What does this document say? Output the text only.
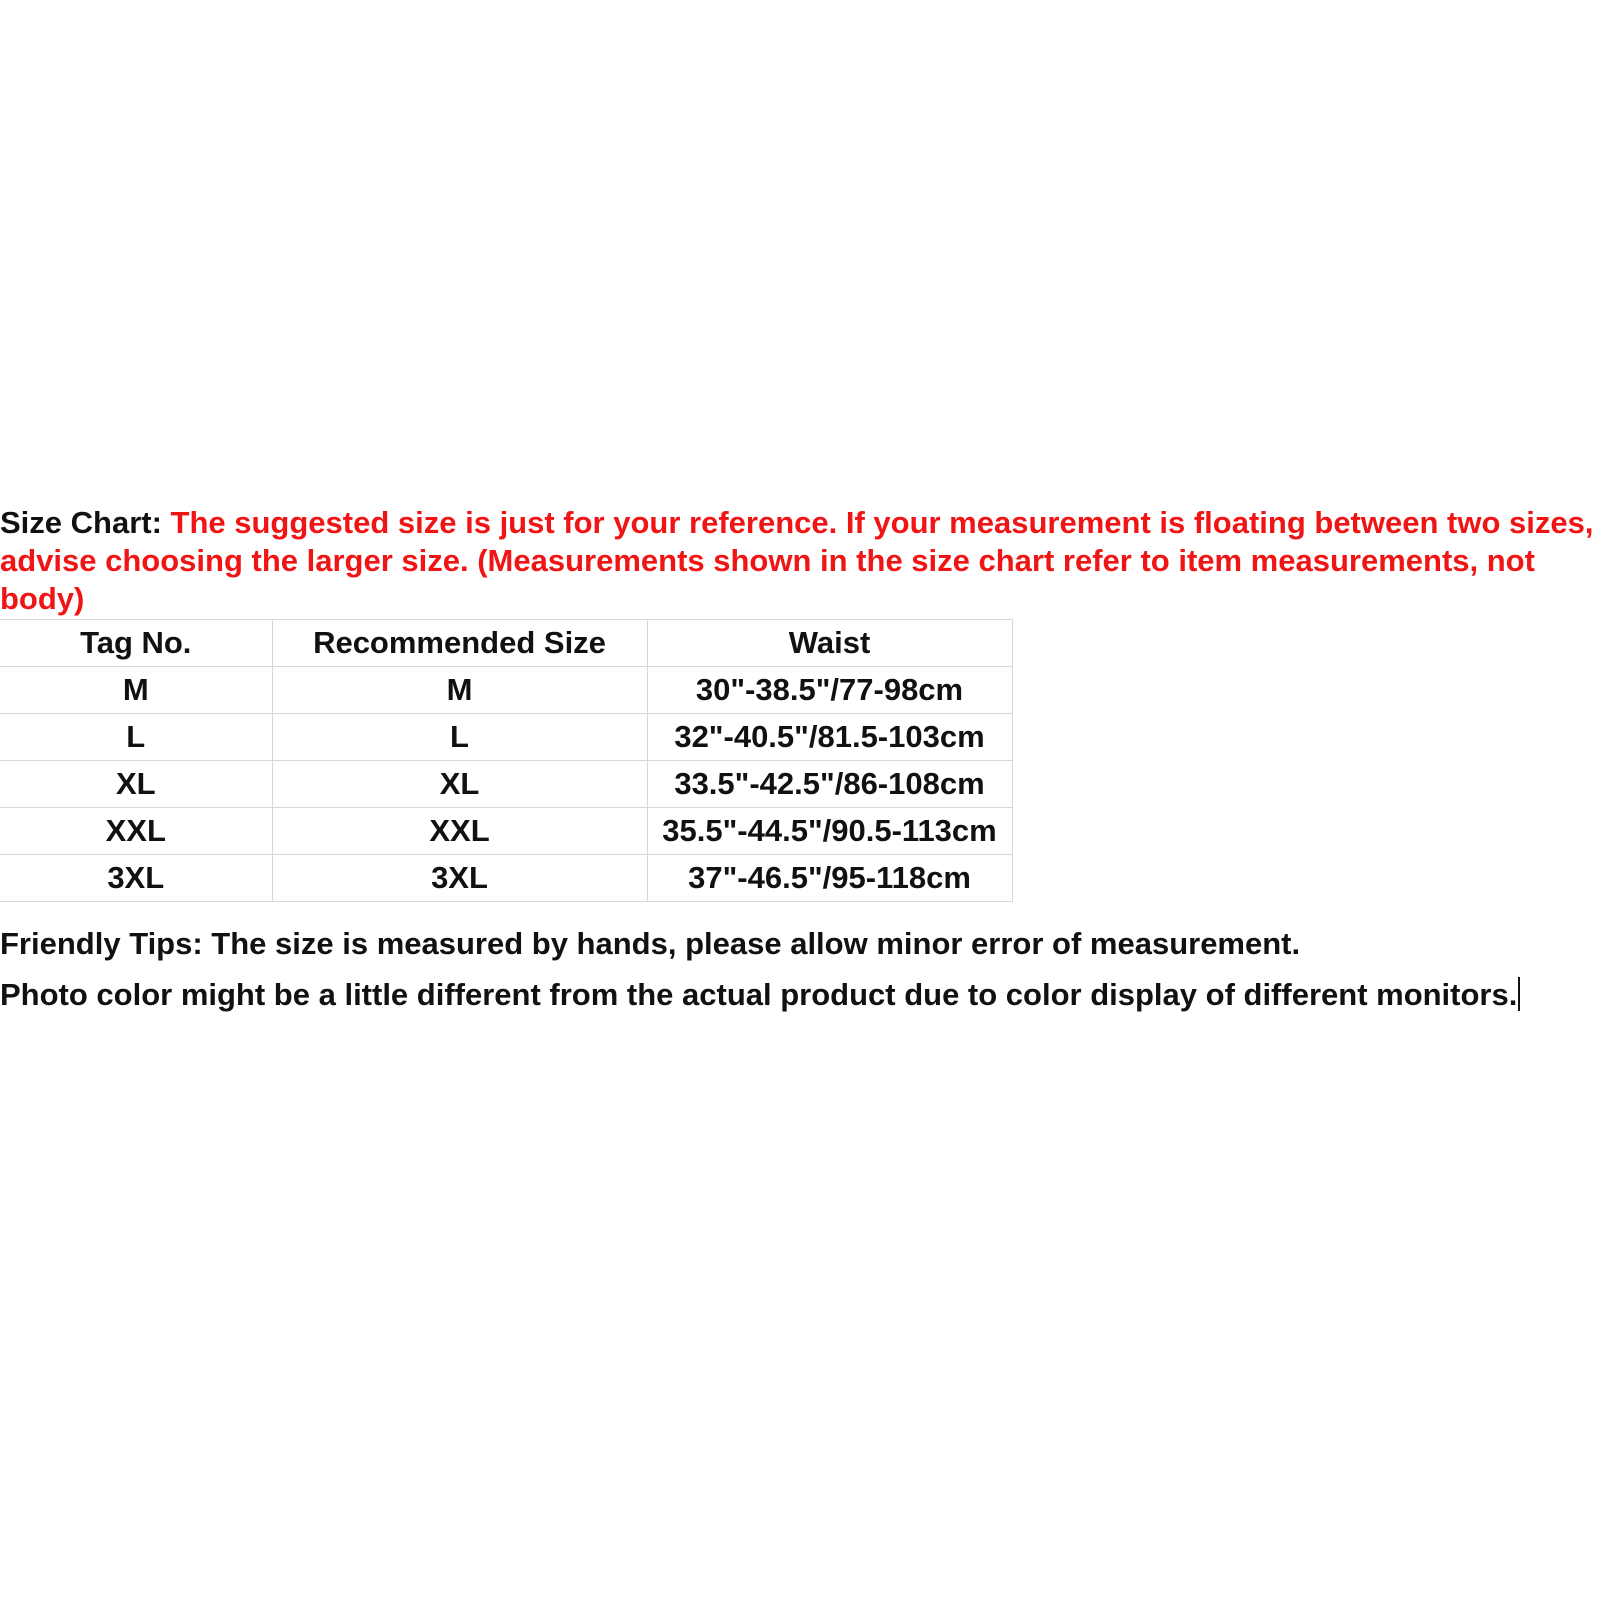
Size Chart: The suggested size is just for your reference. If your measurement is floating between two sizes, advise choosing the larger size. (Measurements shown in the size chart refer to item measurements, not body)

Tag No.	Recommended Size	Waist
M	M	30"-38.5"/77-98cm
L	L	32"-40.5"/81.5-103cm
XL	XL	33.5"-42.5"/86-108cm
XXL	XXL	35.5"-44.5"/90.5-113cm
3XL	3XL	37"-46.5"/95-118cm

Friendly Tips: The size is measured by hands, please allow minor error of measurement.

Photo color might be a little different from the actual product due to color display of different monitors.
